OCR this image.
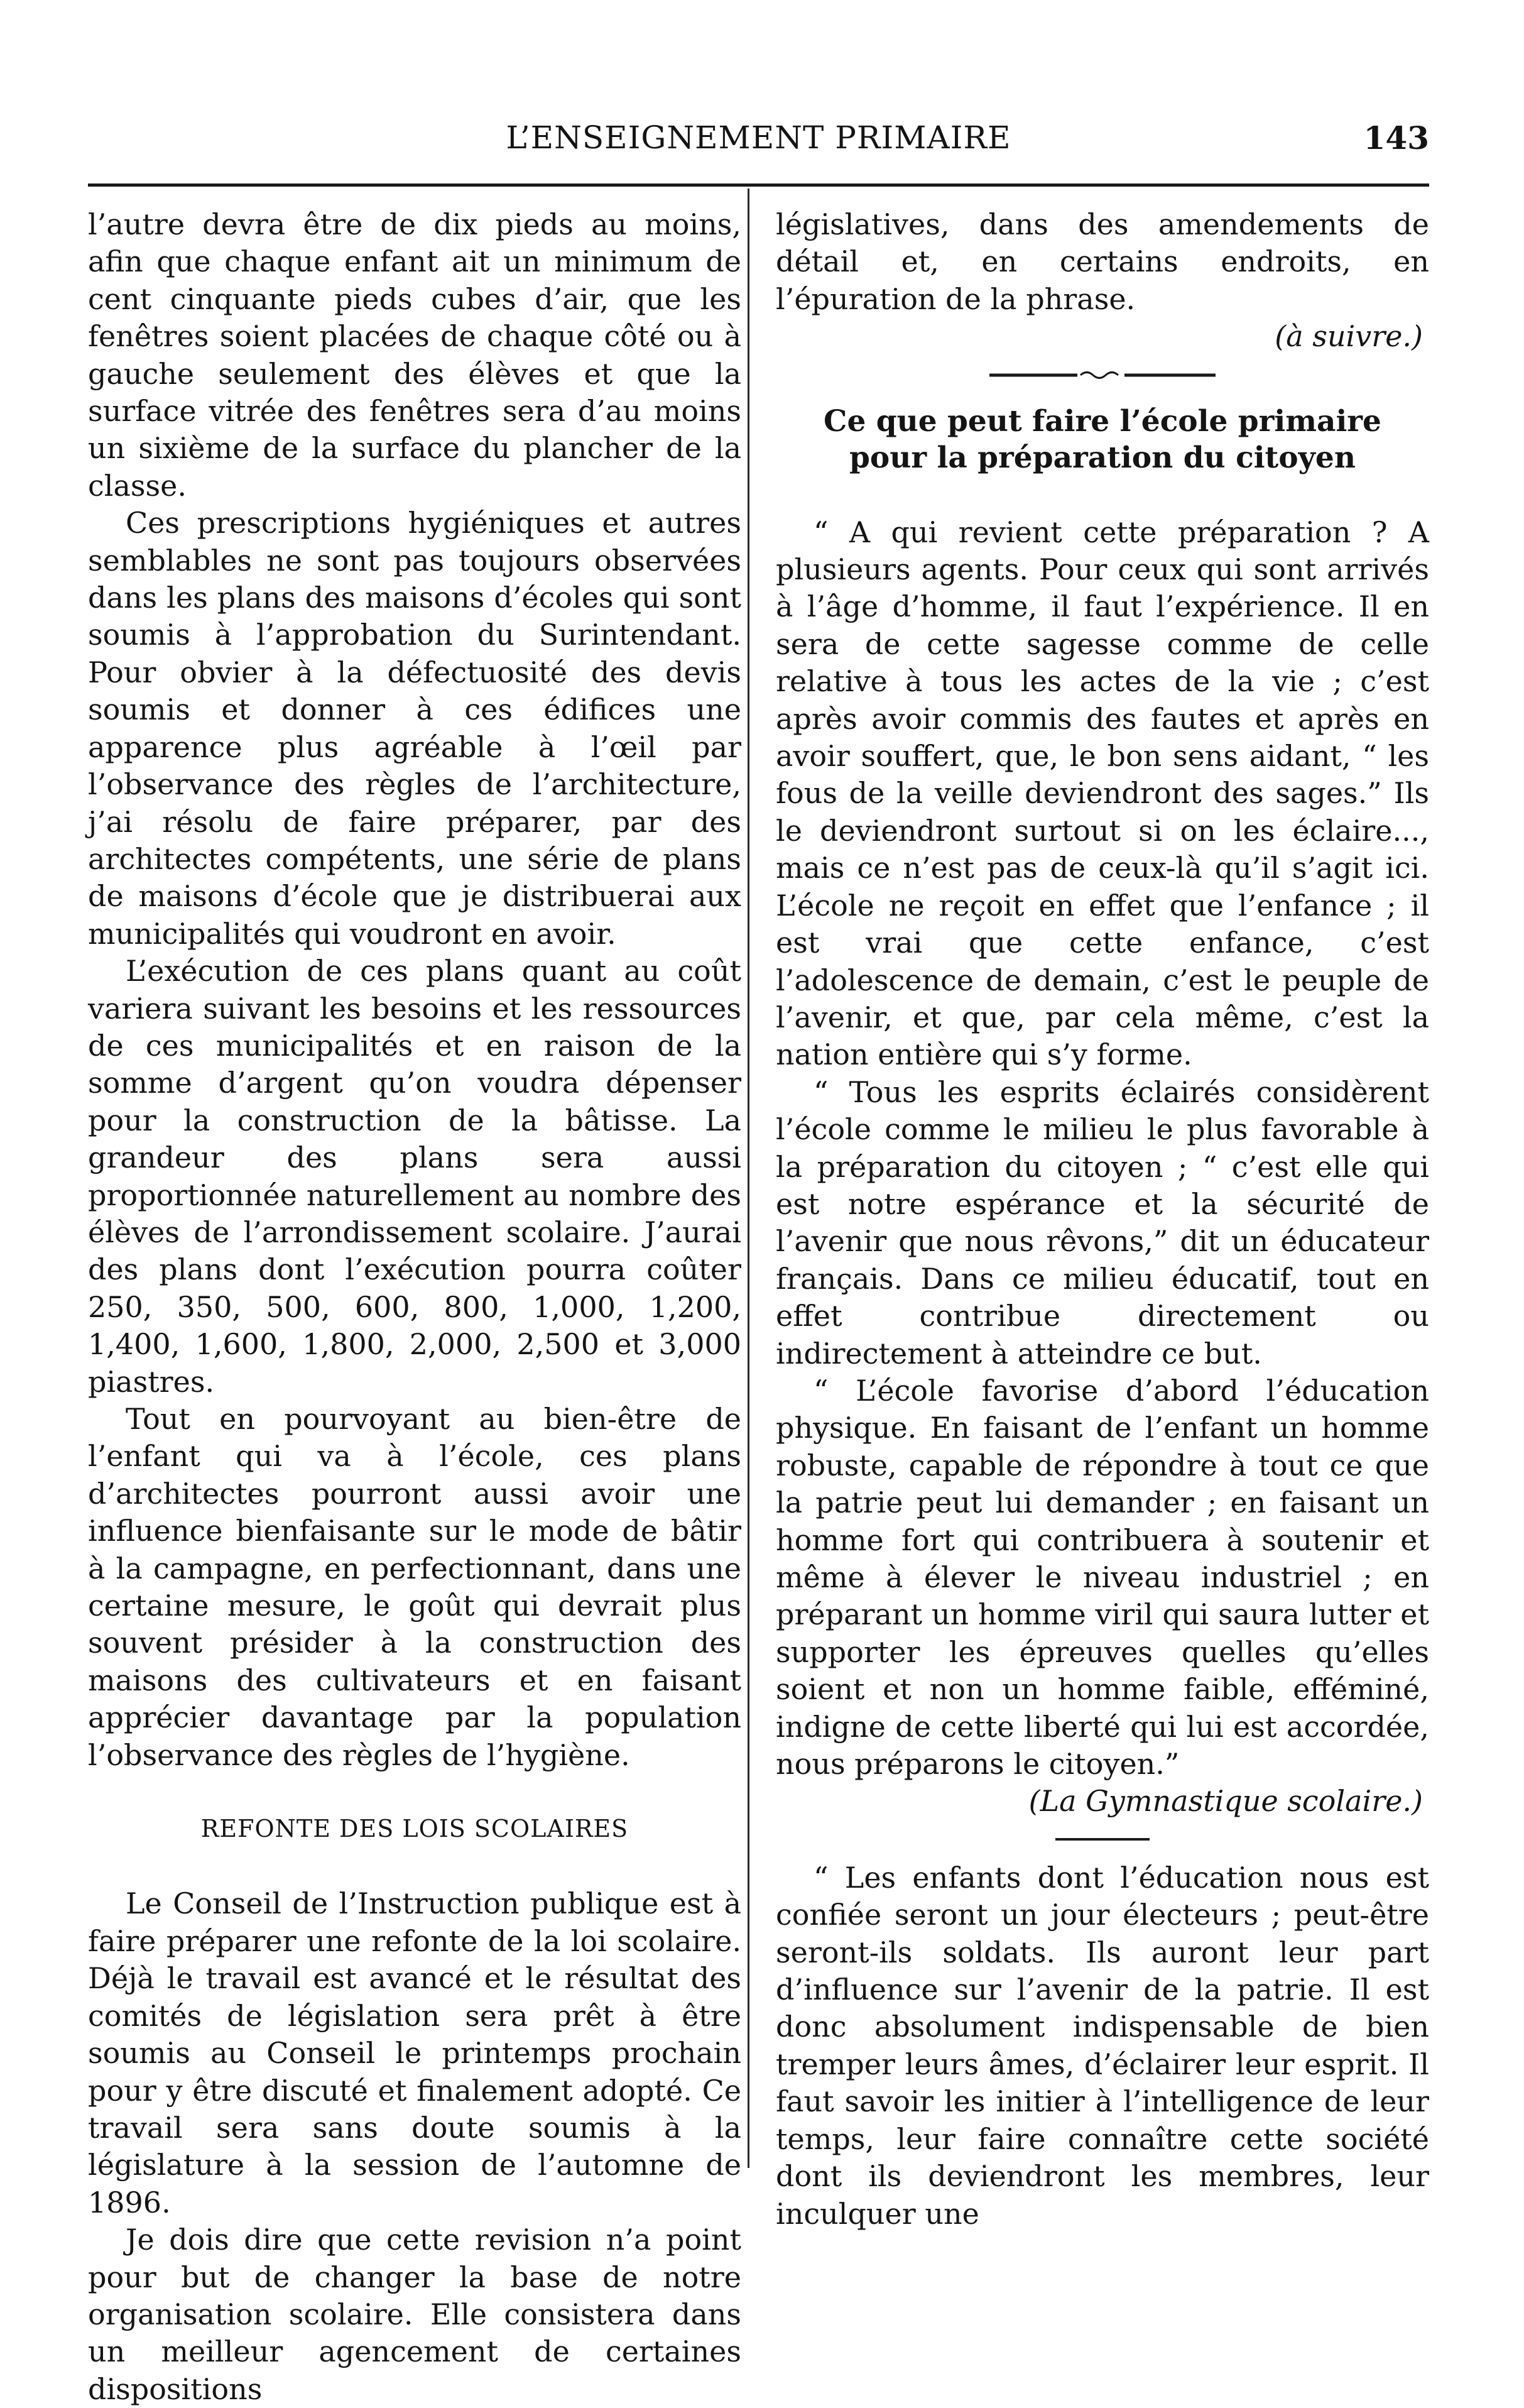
L’ENSEIGNEMENT PRIMAIRE	143

l’autre devra être de dix pieds au moins, afin que chaque enfant ait un minimum de cent cinquante pieds cubes d’air, que les fenêtres soient placées de chaque côté ou à gauche seulement des élèves et que la surface vitrée des fenêtres sera d’au moins un sixième de la surface du plancher de la classe.

Ces prescriptions hygiéniques et autres semblables ne sont pas toujours observées dans les plans des maisons d’écoles qui sont soumis à l’approbation du Surintendant. Pour obvier à la défectuosité des devis soumis et donner à ces édifices une apparence plus agréable à l’œil par l’observance des règles de l’architecture, j’ai résolu de faire préparer, par des architectes compétents, une série de plans de maisons d’école que je distribuerai aux municipalités qui voudront en avoir.

L’exécution de ces plans quant au coût variera suivant les besoins et les ressources de ces municipalités et en raison de la somme d’argent qu’on voudra dépenser pour la construction de la bâtisse. La grandeur des plans sera aussi proportionnée naturellement au nombre des élèves de l’arrondissement scolaire. J’aurai des plans dont l’exécution pourra coûter 250, 350, 500, 600, 800, 1,000, 1,200, 1,400, 1,600, 1,800, 2,000, 2,500 et 3,000 piastres.

Tout en pourvoyant au bien-être de l’enfant qui va à l’école, ces plans d’architectes pourront aussi avoir une influence bienfaisante sur le mode de bâtir à la campagne, en perfectionnant, dans une certaine mesure, le goût qui devrait plus souvent présider à la construction des maisons des cultivateurs et en faisant apprécier davantage par la population l’observance des règles de l’hygiène.

REFONTE DES LOIS SCOLAIRES

Le Conseil de l’Instruction publique est à faire préparer une refonte de la loi scolaire. Déjà le travail est avancé et le résultat des comités de législation sera prêt à être soumis au Conseil le printemps prochain pour y être discuté et finalement adopté. Ce travail sera sans doute soumis à la législature à la session de l’automne de 1896.

Je dois dire que cette revision n’a point pour but de changer la base de notre organisation scolaire. Elle consistera dans un meilleur agencement de certaines dispositions

législatives, dans des amendements de détail et, en certains endroits, en l’épuration de la phrase.

(à suivre.)

Ce que peut faire l’école primaire
pour la préparation du citoyen

“ A qui revient cette préparation ? A plusieurs agents. Pour ceux qui sont arrivés à l’âge d’homme, il faut l’expérience. Il en sera de cette sagesse comme de celle relative à tous les actes de la vie ; c’est après avoir commis des fautes et après en avoir souffert, que, le bon sens aidant, “ les fous de la veille deviendront des sages.” Ils le deviendront surtout si on les éclaire..., mais ce n’est pas de ceux-là qu’il s’agit ici. L’école ne reçoit en effet que l’enfance ; il est vrai que cette enfance, c’est l’adolescence de demain, c’est le peuple de l’avenir, et que, par cela même, c’est la nation entière qui s’y forme.

“ Tous les esprits éclairés considèrent l’école comme le milieu le plus favorable à la préparation du citoyen ; “ c’est elle qui est notre espérance et la sécurité de l’avenir que nous rêvons,” dit un éducateur français. Dans ce milieu éducatif, tout en effet contribue directement ou indirectement à atteindre ce but.

“ L’école favorise d’abord l’éducation physique. En faisant de l’enfant un homme robuste, capable de répondre à tout ce que la patrie peut lui demander ; en faisant un homme fort qui contribuera à soutenir et même à élever le niveau industriel ; en préparant un homme viril qui saura lutter et supporter les épreuves quelles qu’elles soient et non un homme faible, efféminé, indigne de cette liberté qui lui est accordée, nous préparons le citoyen.”

(La Gymnastique scolaire.)

“ Les enfants dont l’éducation nous est confiée seront un jour électeurs ; peut-être seront-ils soldats. Ils auront leur part d’influence sur l’avenir de la patrie. Il est donc absolument indispensable de bien tremper leurs âmes, d’éclairer leur esprit. Il faut savoir les initier à l’intelligence de leur temps, leur faire connaître cette société dont ils deviendront les membres, leur inculquer une
